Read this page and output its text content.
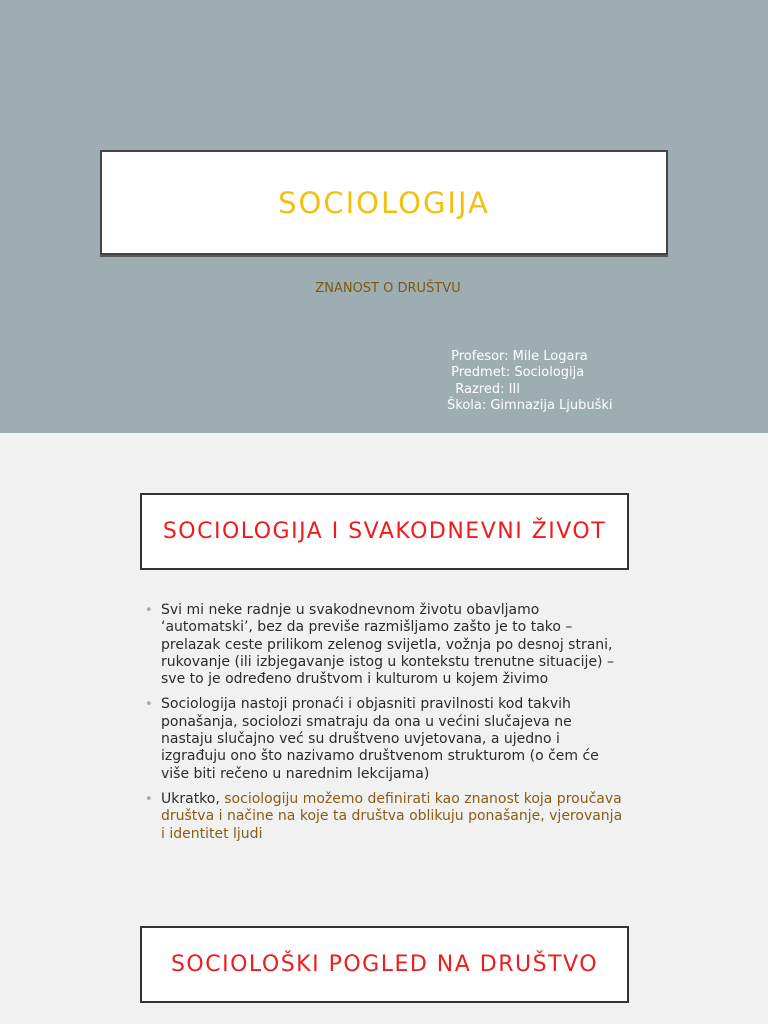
SOCIOLOGIJA
ZNANOST O DRUŠTVU
Profesor: Mile Logara
Predmet: Sociologija
Razred: III
Škola: Gimnazija Ljubuški
SOCIOLOGIJA I SVAKODNEVNI ŽIVOT
• Svi mi neke radnje u svakodnevnom životu obavljamo ‘automatski’, bez da previše razmišljamo zašto je to tako – prelazak ceste prilikom zelenog svijetla, vožnja po desnoj strani, rukovanje (ili izbjegavanje istog u kontekstu trenutne situacije) – sve to je određeno društvom i kulturom u kojem živimo
• Sociologija nastoji pronaći i objasniti pravilnosti kod takvih ponašanja, sociolozi smatraju da ona u većini slučajeva ne nastaju slučajno već su društveno uvjetovana, a ujedno i izgrađuju ono što nazivamo društvenom strukturom (o čem će više biti rečeno u narednim lekcijama)
• Ukratko, sociologiju možemo definirati kao znanost koja proučava društva i načine na koje ta društva oblikuju ponašanje, vjerovanja i identitet ljudi
SOCIOLOŠKI POGLED NA DRUŠTVO
